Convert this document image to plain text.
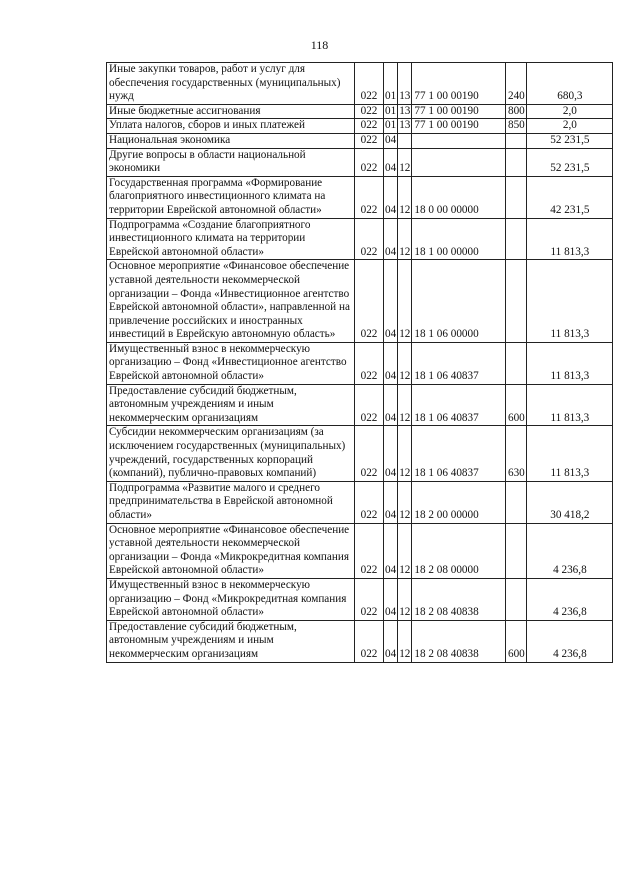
118
Иные закупки товаров, работ и услуг для обеспечения государственных (муниципальных) нужд	022	01	13	77 1 00 00190	240	680,3
Иные бюджетные ассигнования	022	01	13	77 1 00 00190	800	2,0
Уплата налогов, сборов и иных платежей	022	01	13	77 1 00 00190	850	2,0
Национальная экономика	022	04				52 231,5
Другие вопросы в области национальной экономики	022	04	12			52 231,5
Государственная программа «Формирование благоприятного инвестиционного климата на территории Еврейской автономной области»	022	04	12	18 0 00 00000		42 231,5
Подпрограмма «Создание благоприятного инвестиционного климата на территории Еврейской автономной области»	022	04	12	18 1 00 00000		11 813,3
Основное мероприятие «Финансовое обеспечение уставной деятельности некоммерческой организации – Фонда «Инвестиционное агентство Еврейской автономной области», направленной на привлечение российских и иностранных инвестиций в Еврейскую автономную область»	022	04	12	18 1 06 00000		11 813,3
Имущественный взнос в некоммерческую организацию – Фонд «Инвестиционное агентство Еврейской автономной области»	022	04	12	18 1 06 40837		11 813,3
Предоставление субсидий бюджетным, автономным учреждениям и иным некоммерческим организациям	022	04	12	18 1 06 40837	600	11 813,3
Субсидии некоммерческим организациям (за исключением государственных (муниципальных) учреждений, государственных корпораций (компаний), публично-правовых компаний)	022	04	12	18 1 06 40837	630	11 813,3
Подпрограмма «Развитие малого и среднего предпринимательства в Еврейской автономной области»	022	04	12	18 2 00 00000		30 418,2
Основное мероприятие «Финансовое обеспечение уставной деятельности некоммерческой организации – Фонда «Микрокредитная компания Еврейской автономной области»	022	04	12	18 2 08 00000		4 236,8
Имущественный взнос в некоммерческую организацию – Фонд «Микрокредитная компания Еврейской автономной области»	022	04	12	18 2 08 40838		4 236,8
Предоставление субсидий бюджетным, автономным учреждениям и иным некоммерческим организациям	022	04	12	18 2 08 40838	600	4 236,8
